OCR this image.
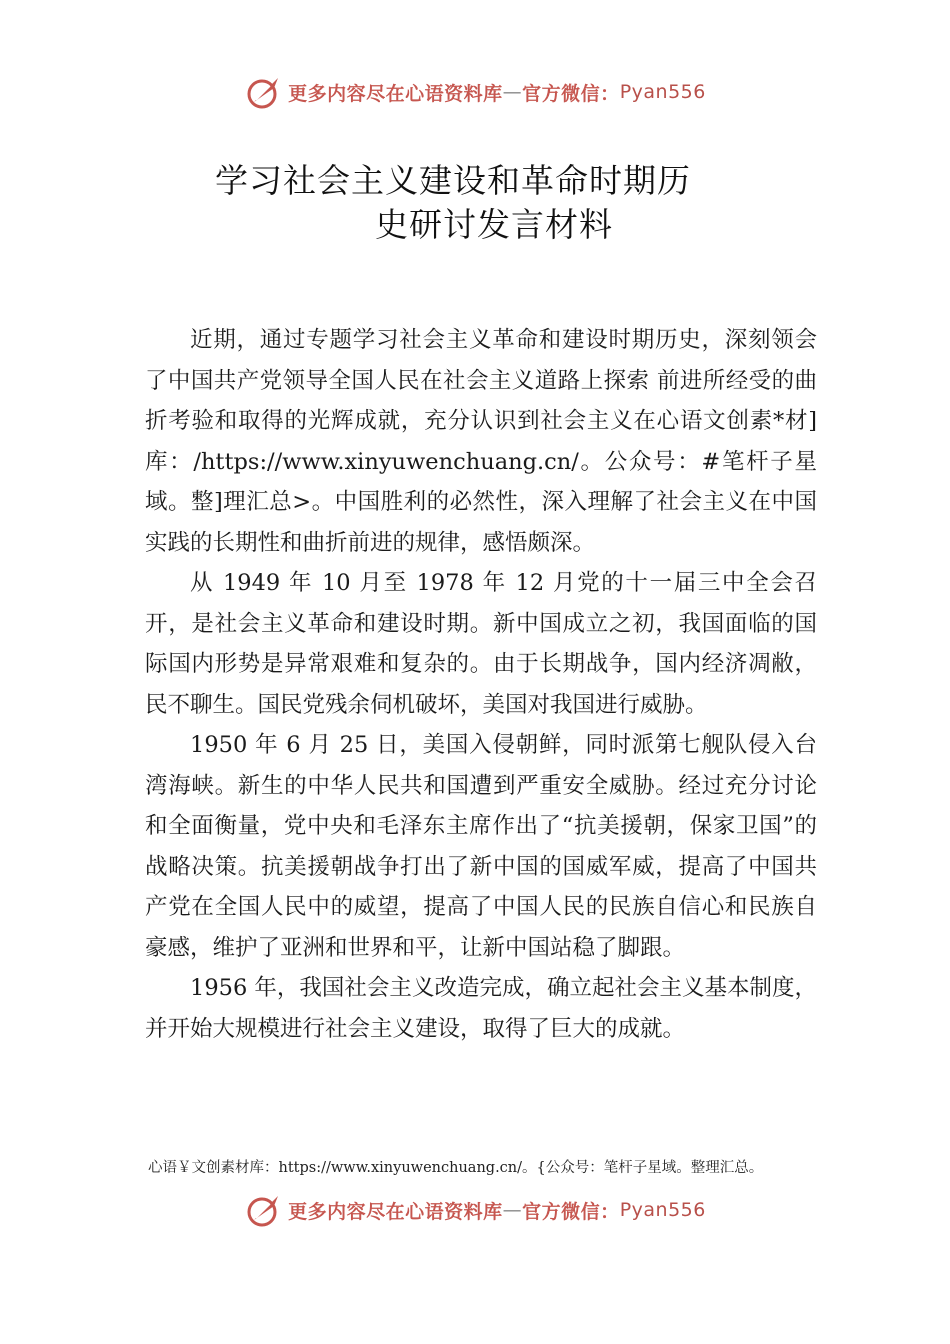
更多内容尽在心语资料库 — 官方微信： Pyan556
学习社会主义建设和革命时期历
史研讨发言材料

近期，通过专题学习社会主义革命和建设时期历史，深刻领会了中国共产党领导全国人民在社会主义道路上探索 前进所经受的曲折考验和取得的光辉成就，充分认识到社会主义在心语文创素*材]库：/https://www.xinyuwenchuang.cn/。公众号：#笔杆子星域。整]理汇总>。中国胜利的必然性，深入理解了社会主义在中国实践的长期性和曲折前进的规律，感悟颇深。

从 1949 年 10 月至 1978 年 12 月党的十一届三中全会召开，是社会主义革命和建设时期。新中国成立之初，我国面临的国际国内形势是异常艰难和复杂的。由于长期战争，国内经济凋敝，民不聊生。国民党残余伺机破坏，美国对我国进行威胁。

1950 年 6 月 25 日，美国入侵朝鲜，同时派第七舰队侵入台湾海峡。新生的中华人民共和国遭到严重安全威胁。经过充分讨论和全面衡量，党中央和毛泽东主席作出了“抗美援朝，保家卫国”的战略决策。抗美援朝战争打出了新中国的国威军威，提高了中国共产党在全国人民中的威望，提高了中国人民的民族自信心和民族自豪感，维护了亚洲和世界和平，让新中国站稳了脚跟。

1956 年，我国社会主义改造完成，确立起社会主义基本制度，并开始大规模进行社会主义建设，取得了巨大的成就。

心语￥文创素材库：https://www.xinyuwenchuang.cn/。{公众号：笔杆子星域。整理汇总。
更多内容尽在心语资料库 — 官方微信： Pyan556
